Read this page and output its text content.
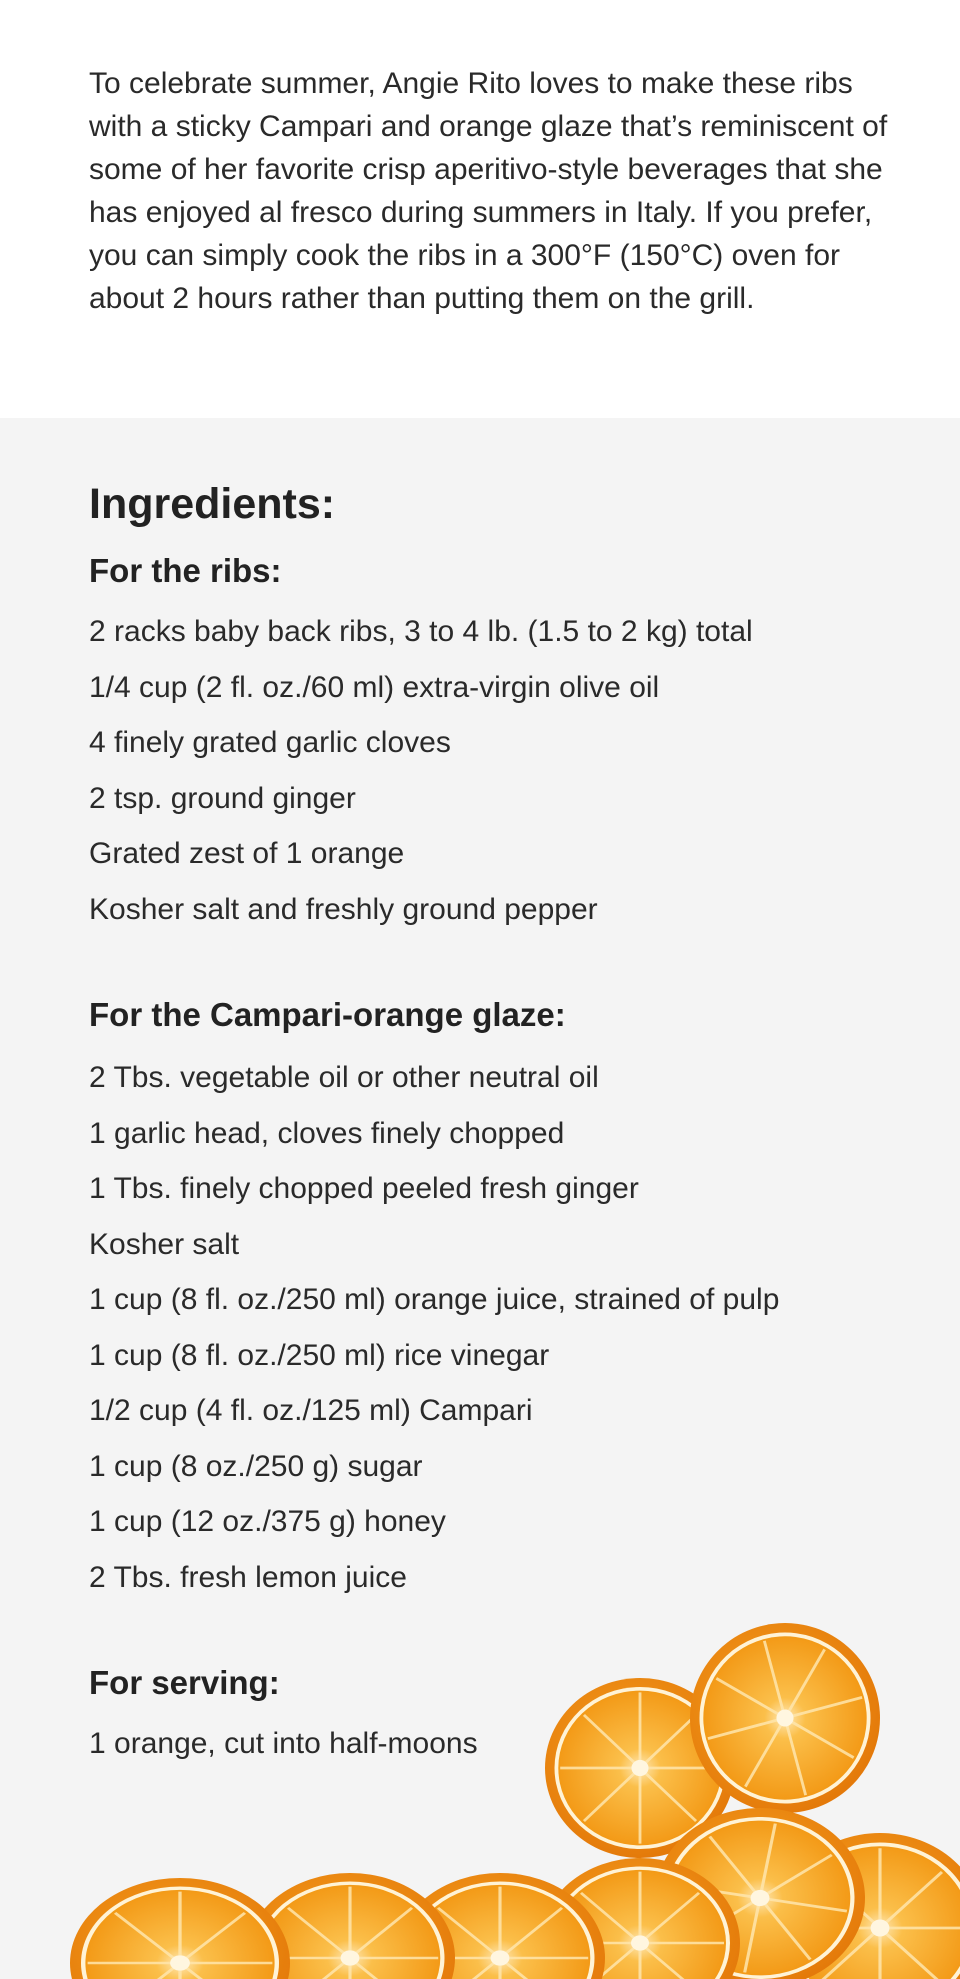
To celebrate summer, Angie Rito loves to make these ribs with a sticky Campari and orange glaze that’s reminiscent of some of her favorite crisp aperitivo-style beverages that she has enjoyed al fresco during summers in Italy. If you prefer, you can simply cook the ribs in a 300°F (150°C) oven for about 2 hours rather than putting them on the grill.

Ingredients:
For the ribs:
2 racks baby back ribs, 3 to 4 lb. (1.5 to 2 kg) total
1/4 cup (2 fl. oz./60 ml) extra-virgin olive oil
4 finely grated garlic cloves
2 tsp. ground ginger
Grated zest of 1 orange
Kosher salt and freshly ground pepper
For the Campari-orange glaze:
2 Tbs. vegetable oil or other neutral oil
1 garlic head, cloves finely chopped
1 Tbs. finely chopped peeled fresh ginger
Kosher salt
1 cup (8 fl. oz./250 ml) orange juice, strained of pulp
1 cup (8 fl. oz./250 ml) rice vinegar
1/2 cup (4 fl. oz./125 ml) Campari
1 cup (8 oz./250 g) sugar
1 cup (12 oz./375 g) honey
2 Tbs. fresh lemon juice
For serving:
1 orange, cut into half-moons
